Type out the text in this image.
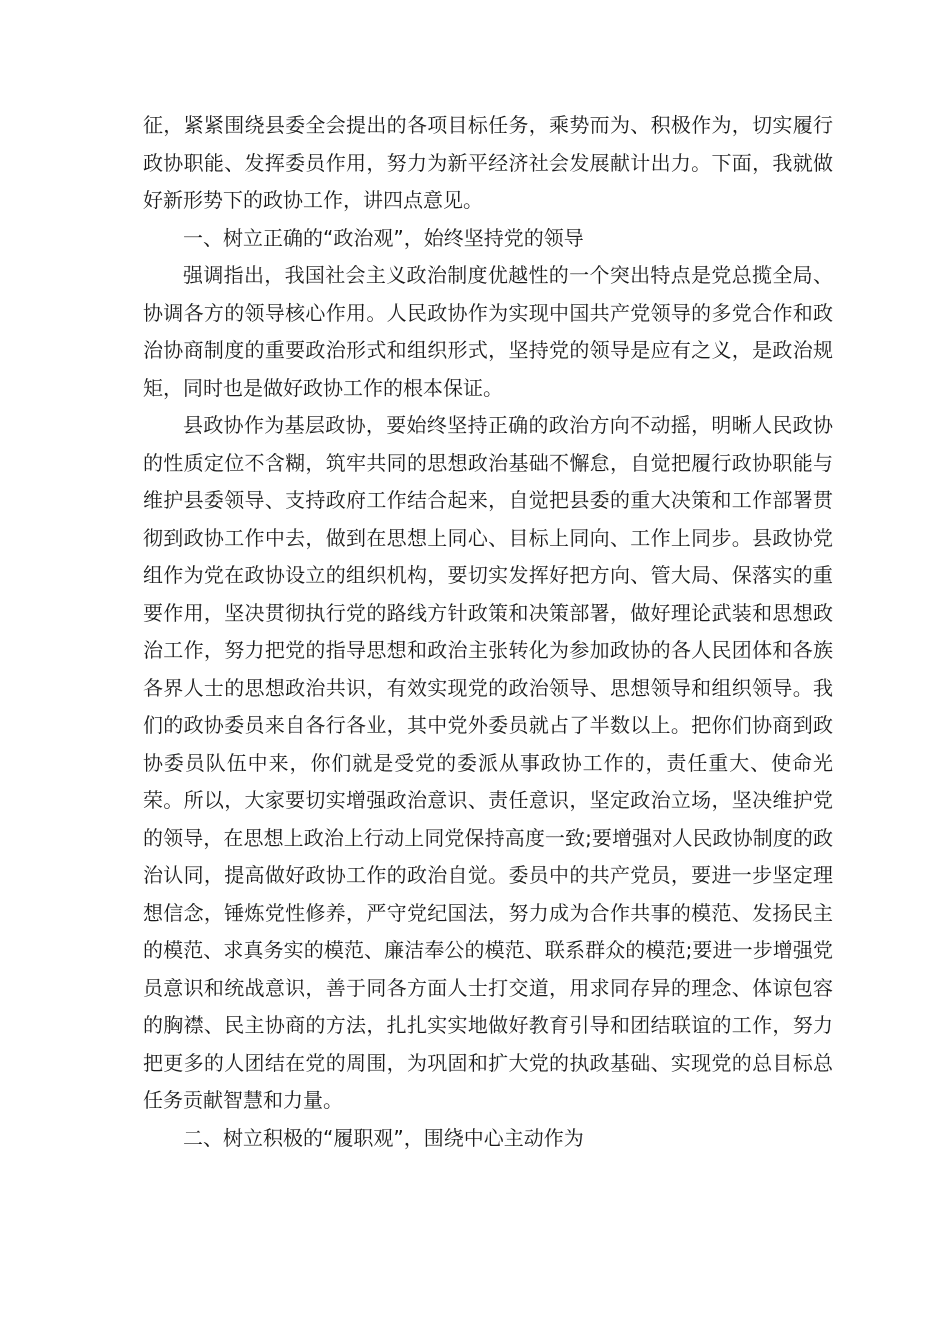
征，紧紧围绕县委全会提出的各项目标任务，乘势而为、积极作为，切实履行政协职能、发挥委员作用，努力为新平经济社会发展献计出力。下面，我就做好新形势下的政协工作，讲四点意见。

一、树立正确的“政治观”，始终坚持党的领导

强调指出，我国社会主义政治制度优越性的一个突出特点是党总揽全局、协调各方的领导核心作用。人民政协作为实现中国共产党领导的多党合作和政治协商制度的重要政治形式和组织形式，坚持党的领导是应有之义，是政治规矩，同时也是做好政协工作的根本保证。

县政协作为基层政协，要始终坚持正确的政治方向不动摇，明晰人民政协的性质定位不含糊，筑牢共同的思想政治基础不懈怠，自觉把履行政协职能与维护县委领导、支持政府工作结合起来，自觉把县委的重大决策和工作部署贯彻到政协工作中去，做到在思想上同心、目标上同向、工作上同步。县政协党组作为党在政协设立的组织机构，要切实发挥好把方向、管大局、保落实的重要作用，坚决贯彻执行党的路线方针政策和决策部署，做好理论武装和思想政治工作，努力把党的指导思想和政治主张转化为参加政协的各人民团体和各族各界人士的思想政治共识，有效实现党的政治领导、思想领导和组织领导。我们的政协委员来自各行各业，其中党外委员就占了半数以上。把你们协商到政协委员队伍中来，你们就是受党的委派从事政协工作的，责任重大、使命光荣。所以，大家要切实增强政治意识、责任意识，坚定政治立场，坚决维护党的领导，在思想上政治上行动上同党保持高度一致;要增强对人民政协制度的政治认同，提高做好政协工作的政治自觉。委员中的共产党员，要进一步坚定理想信念，锤炼党性修养，严守党纪国法，努力成为合作共事的模范、发扬民主的模范、求真务实的模范、廉洁奉公的模范、联系群众的模范;要进一步增强党员意识和统战意识，善于同各方面人士打交道，用求同存异的理念、体谅包容的胸襟、民主协商的方法，扎扎实实地做好教育引导和团结联谊的工作，努力把更多的人团结在党的周围，为巩固和扩大党的执政基础、实现党的总目标总任务贡献智慧和力量。

二、树立积极的“履职观”，围绕中心主动作为
